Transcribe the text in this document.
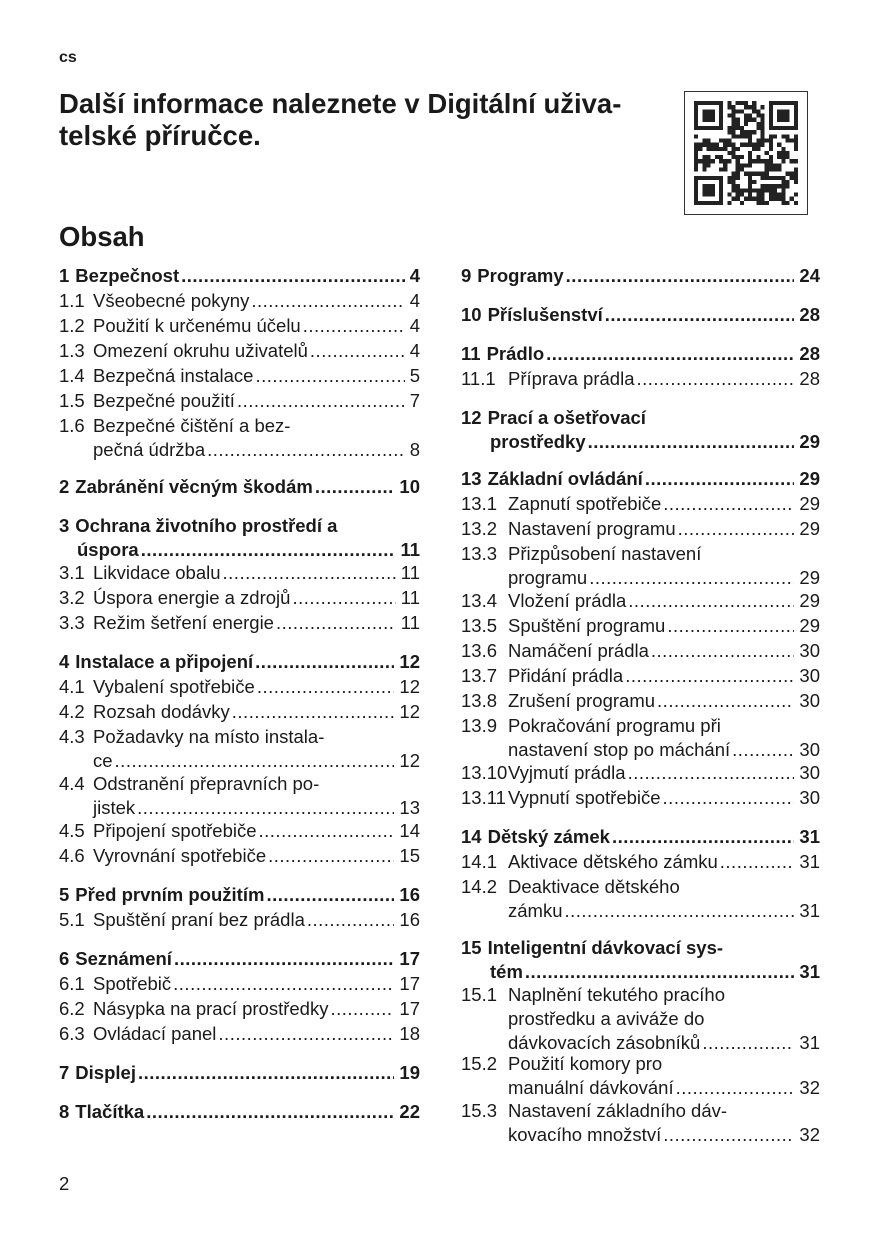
cs
Další informace naleznete v Digitální uživa-
telské příručce.
Obsah
1 Bezpečnost .....	4
1.1 Všeobecné pokyny .....	4
1.2 Použití k určenému účelu .....	4
1.3 Omezení okruhu uživatelů .....	4
1.4 Bezpečná instalace .....	5
1.5 Bezpečné použití .....	7
1.6 Bezpečné čištění a bez-
pečná údržba .....	8
2 Zabránění věcným škodám .....	10
3 Ochrana životního prostředí a
úspora .....	11
3.1 Likvidace obalu .....	11
3.2 Úspora energie a zdrojů .....	11
3.3 Režim šetření energie .....	11
4 Instalace a připojení .....	12
4.1 Vybalení spotřebiče .....	12
4.2 Rozsah dodávky .....	12
4.3 Požadavky na místo instala-
ce .....	12
4.4 Odstranění přepravních po-
jistek .....	13
4.5 Připojení spotřebiče .....	14
4.6 Vyrovnání spotřebiče .....	15
5 Před prvním použitím .....	16
5.1 Spuštění praní bez prádla .....	16
6 Seznámení .....	17
6.1 Spotřebič .....	17
6.2 Násypka na prací prostředky .....	17
6.3 Ovládací panel .....	18
7 Displej .....	19
8 Tlačítka .....	22
9 Programy .....	24
10 Příslušenství .....	28
11 Prádlo .....	28
11.1 Příprava prádla .....	28
12 Prací a ošetřovací
prostředky .....	29
13 Základní ovládání .....	29
13.1 Zapnutí spotřebiče .....	29
13.2 Nastavení programu .....	29
13.3 Přizpůsobení nastavení
programu .....	29
13.4 Vložení prádla .....	29
13.5 Spuštění programu .....	29
13.6 Namáčení prádla .....	30
13.7 Přidání prádla .....	30
13.8 Zrušení programu .....	30
13.9 Pokračování programu při
nastavení stop po máchání .....	30
13.10 Vyjmutí prádla .....	30
13.11 Vypnutí spotřebiče .....	30
14 Dětský zámek .....	31
14.1 Aktivace dětského zámku .....	31
14.2 Deaktivace dětského
zámku .....	31
15 Inteligentní dávkovací sys-
tém .....	31
15.1 Naplnění tekutého pracího
prostředku a avivážе do
dávkovacích zásobníků .....	31
15.2 Použití komory pro
manuální dávkování .....	32
15.3 Nastavení základního dáv-
kovacího množství .....	32
2
